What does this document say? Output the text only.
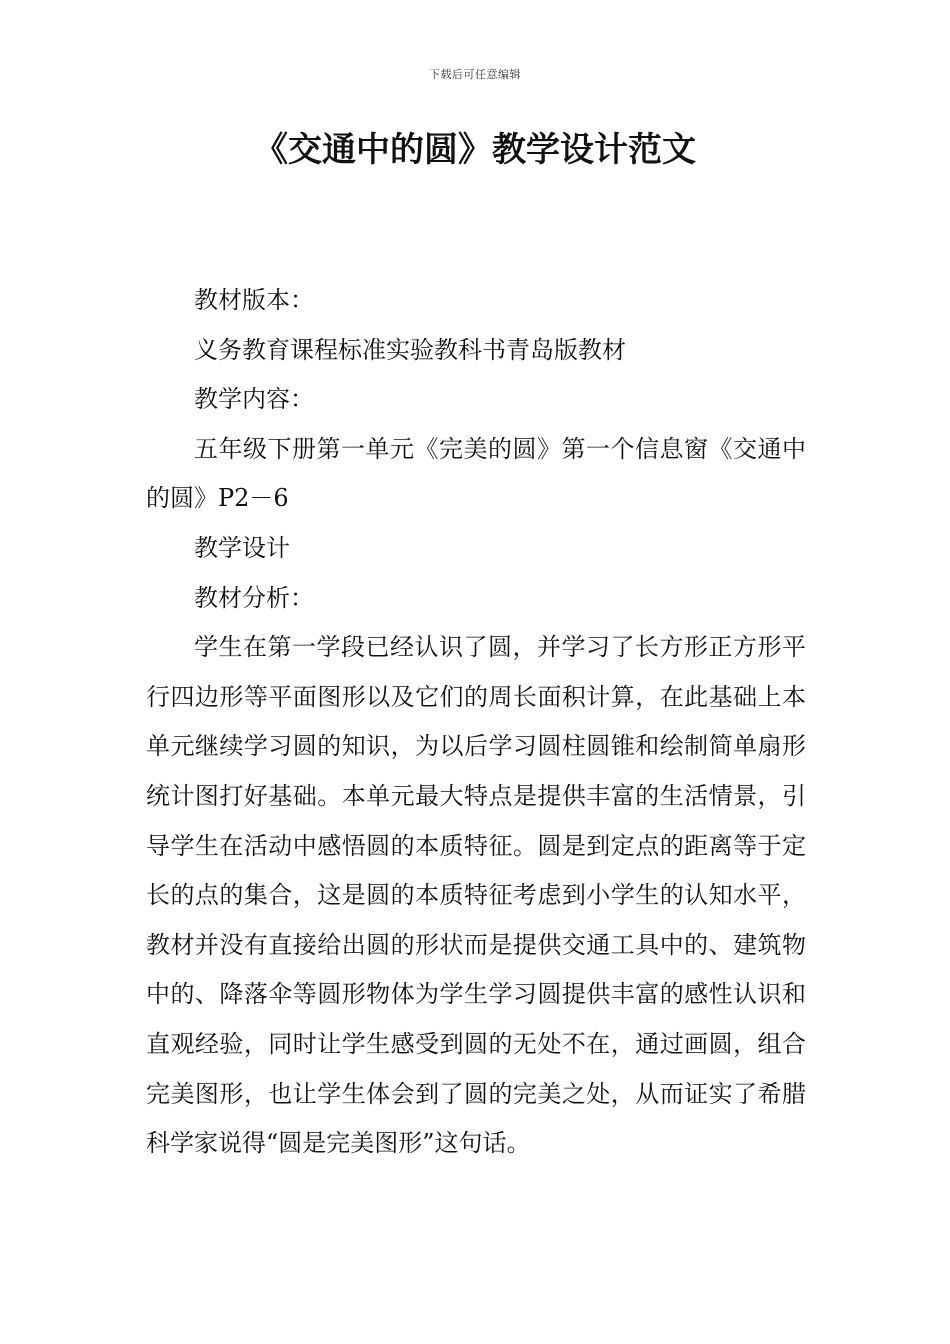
下载后可任意编辑
《交通中的圆》教学设计范文

教材版本：

义务教育课程标准实验教科书青岛版教材

教学内容：

五年级下册第一单元《完美的圆》第一个信息窗《交通中的圆》P2－6

教学设计

教材分析：

学生在第一学段已经认识了圆，并学习了长方形正方形平行四边形等平面图形以及它们的周长面积计算，在此基础上本单元继续学习圆的知识，为以后学习圆柱圆锥和绘制简单扇形统计图打好基础。本单元最大特点是提供丰富的生活情景，引导学生在活动中感悟圆的本质特征。圆是到定点的距离等于定长的点的集合，这是圆的本质特征考虑到小学生的认知水平，教材并没有直接给出圆的形状而是提供交通工具中的、建筑物中的、降落伞等圆形物体为学生学习圆提供丰富的感性认识和直观经验，同时让学生感受到圆的无处不在，通过画圆，组合完美图形，也让学生体会到了圆的完美之处，从而证实了希腊科学家说得“圆是完美图形”这句话。
